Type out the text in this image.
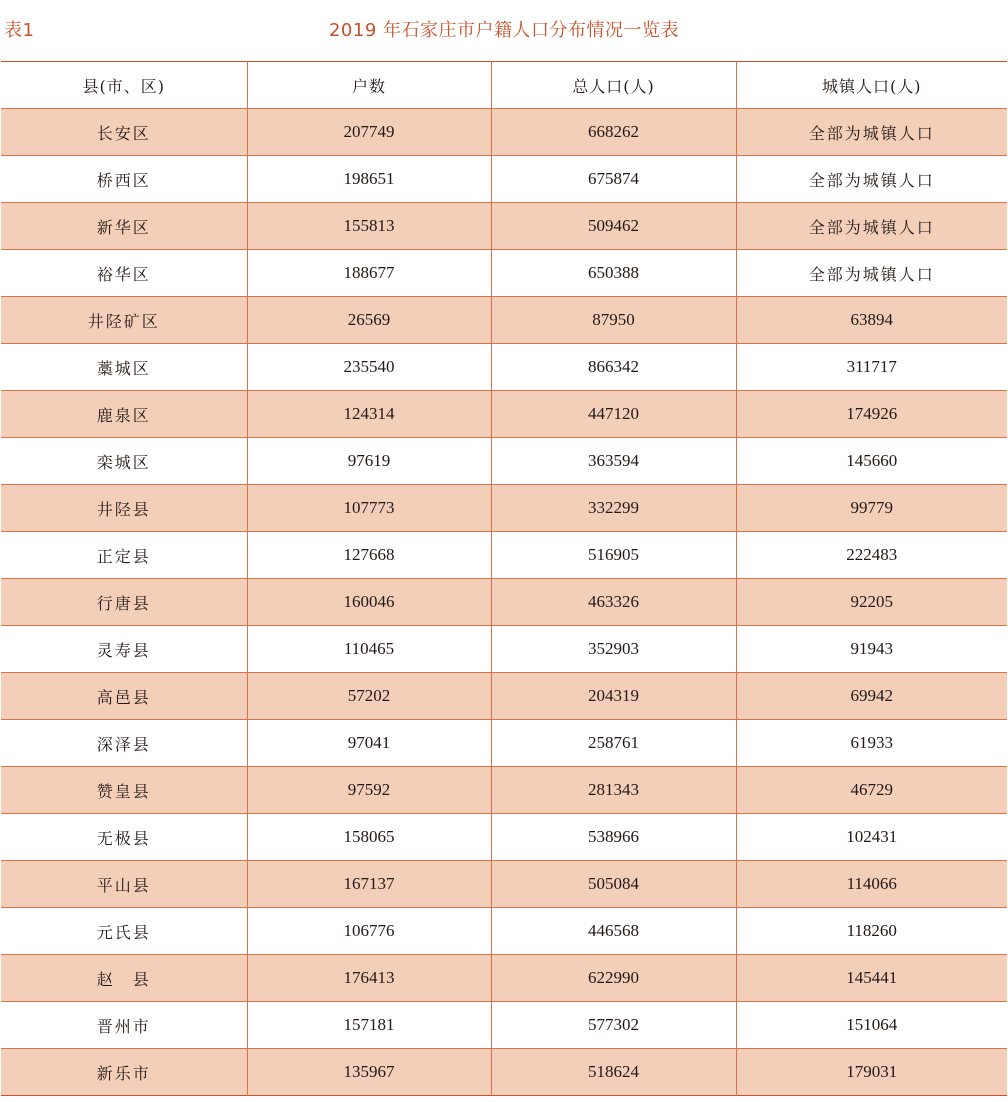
表1	2019 年石家庄市户籍人口分布情况一览表
县(市、区)	户数	总人口(人)	城镇人口(人)
长安区	207749	668262	全部为城镇人口
桥西区	198651	675874	全部为城镇人口
新华区	155813	509462	全部为城镇人口
裕华区	188677	650388	全部为城镇人口
井陉矿区	26569	87950	63894
藁城区	235540	866342	311717
鹿泉区	124314	447120	174926
栾城区	97619	363594	145660
井陉县	107773	332299	99779
正定县	127668	516905	222483
行唐县	160046	463326	92205
灵寿县	110465	352903	91943
高邑县	57202	204319	69942
深泽县	97041	258761	61933
赞皇县	97592	281343	46729
无极县	158065	538966	102431
平山县	167137	505084	114066
元氏县	106776	446568	118260
赵　县	176413	622990	145441
晋州市	157181	577302	151064
新乐市	135967	518624	179031
